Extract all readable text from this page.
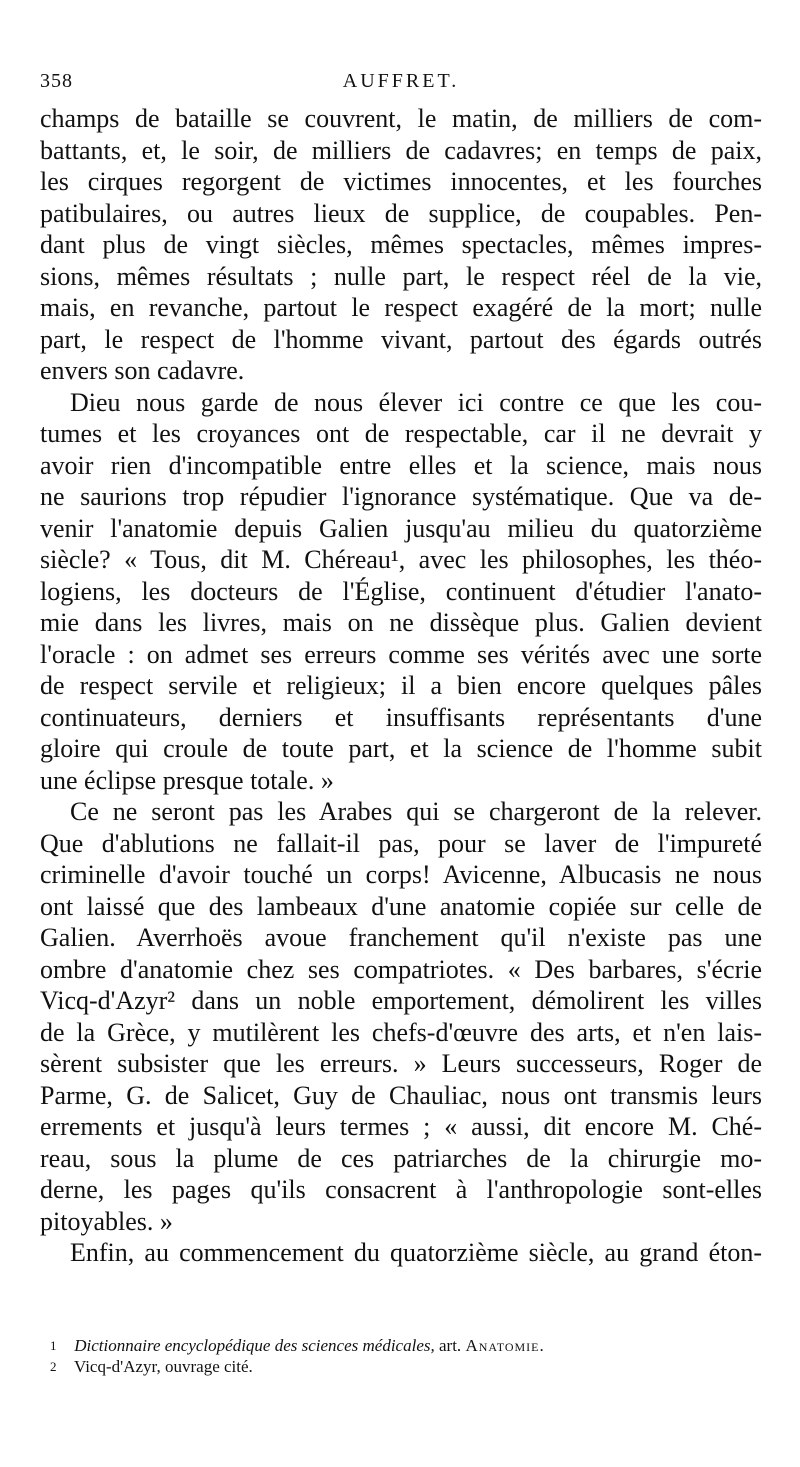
358	AUFFRET.
champs de bataille se couvrent, le matin, de milliers de com-
battants, et, le soir, de milliers de cadavres; en temps de paix,
les cirques regorgent de victimes innocentes, et les fourches
patibulaires, ou autres lieux de supplice, de coupables. Pen-
dant plus de vingt siècles, mêmes spectacles, mêmes impres-
sions, mêmes résultats ; nulle part, le respect réel de la vie,
mais, en revanche, partout le respect exagéré de la mort; nulle
part, le respect de l'homme vivant, partout des égards outrés
envers son cadavre.
Dieu nous garde de nous élever ici contre ce que les cou-
tumes et les croyances ont de respectable, car il ne devrait y
avoir rien d'incompatible entre elles et la science, mais nous
ne saurions trop répudier l'ignorance systématique. Que va de-
venir l'anatomie depuis Galien jusqu'au milieu du quatorzième
siècle? « Tous, dit M. Chéreau¹, avec les philosophes, les théo-
logiens, les docteurs de l'Église, continuent d'étudier l'anato-
mie dans les livres, mais on ne dissèque plus. Galien devient
l'oracle : on admet ses erreurs comme ses vérités avec une sorte
de respect servile et religieux; il a bien encore quelques pâles
continuateurs, derniers et insuffisants représentants d'une
gloire qui croule de toute part, et la science de l'homme subit
une éclipse presque totale. »
Ce ne seront pas les Arabes qui se chargeront de la relever.
Que d'ablutions ne fallait-il pas, pour se laver de l'impureté
criminelle d'avoir touché un corps! Avicenne, Albucasis ne nous
ont laissé que des lambeaux d'une anatomie copiée sur celle de
Galien. Averrhoës avoue franchement qu'il n'existe pas une
ombre d'anatomie chez ses compatriotes. « Des barbares, s'écrie
Vicq-d'Azyr² dans un noble emportement, démolirent les villes
de la Grèce, y mutilèrent les chefs-d'œuvre des arts, et n'en lais-
sèrent subsister que les erreurs. » Leurs successeurs, Roger de
Parme, G. de Salicet, Guy de Chauliac, nous ont transmis leurs
errements et jusqu'à leurs termes ; « aussi, dit encore M. Ché-
reau, sous la plume de ces patriarches de la chirurgie mo-
derne, les pages qu'ils consacrent à l'anthropologie sont-elles
pitoyables. »
Enfin, au commencement du quatorzième siècle, au grand éton-
1 Dictionnaire encyclopédique des sciences médicales, art. Anatomie.
2 Vicq-d'Azyr, ouvrage cité.
